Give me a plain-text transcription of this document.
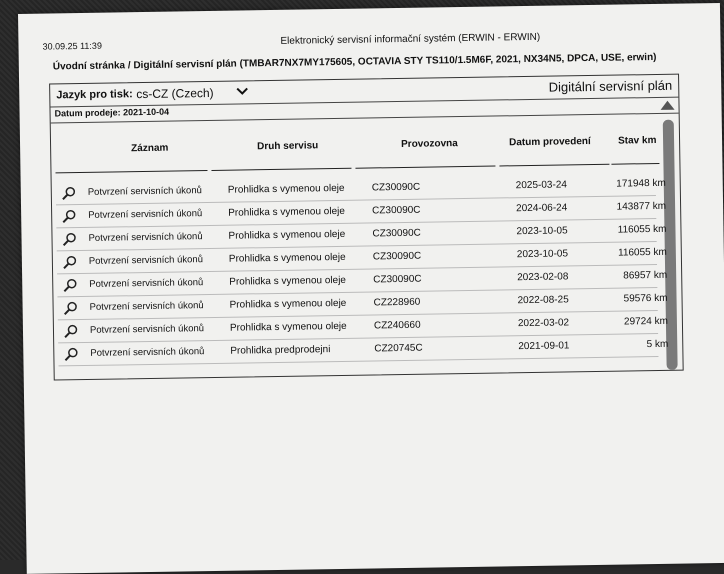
30.09.25 11:39	Elektronický servisní informační systém (ERWIN - ERWIN)
Úvodní stránka / Digitální servisní plán (TMBAR7NX7MY175605, OCTAVIA STY TS110/1.5M6F, 2021, NX34N5, DPCA, USE, erwin)
Jazyk pro tisk: cs-CZ (Czech)	Digitální servisní plán
Datum prodeje: 2021-10-04
Záznam	Druh servisu	Provozovna	Datum provedení	Stav km
Potvrzení servisních úkonů	Prohlidka s vymenou oleje	CZ30090C	2025-03-24	171948 km
Potvrzení servisních úkonů	Prohlidka s vymenou oleje	CZ30090C	2024-06-24	143877 km
Potvrzení servisních úkonů	Prohlidka s vymenou oleje	CZ30090C	2023-10-05	116055 km
Potvrzení servisních úkonů	Prohlidka s vymenou oleje	CZ30090C	2023-10-05	116055 km
Potvrzení servisních úkonů	Prohlidka s vymenou oleje	CZ30090C	2023-02-08	86957 km
Potvrzení servisních úkonů	Prohlidka s vymenou oleje	CZ228960	2022-08-25	59576 km
Potvrzení servisních úkonů	Prohlidka s vymenou oleje	CZ240660	2022-03-02	29724 km
Potvrzení servisních úkonů	Prohlidka predprodejni	CZ20745C	2021-09-01	5 km
